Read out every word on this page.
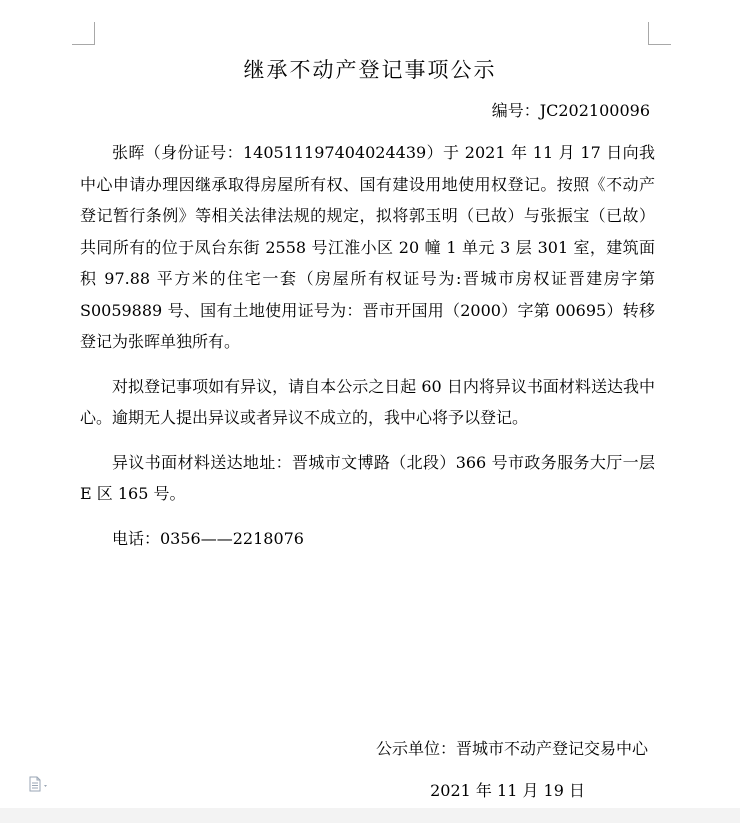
继承不动产登记事项公示
编号：JC202100096

张晖（身份证号：140511197404024439）于 2021 年 11 月 17 日向我中心申请办理因继承取得房屋所有权、国有建设用地使用权登记。按照《不动产登记暂行条例》等相关法律法规的规定，拟将郭玉明（已故）与张振宝（已故）共同所有的位于凤台东街 2558 号江淮小区 20 幢 1 单元 3 层 301 室，建筑面积 97.88 平方米的住宅一套（房屋所有权证号为:晋城市房权证晋建房字第 S0059889 号、国有土地使用证号为：晋市开国用（2000）字第 00695）转移登记为张晖单独所有。

对拟登记事项如有异议，请自本公示之日起 60 日内将异议书面材料送达我中心。逾期无人提出异议或者异议不成立的，我中心将予以登记。

异议书面材料送达地址：晋城市文博路（北段）366 号市政务服务大厅一层 E 区 165 号。

电话：0356——2218076

公示单位：晋城市不动产登记交易中心
2021 年 11 月 19 日
